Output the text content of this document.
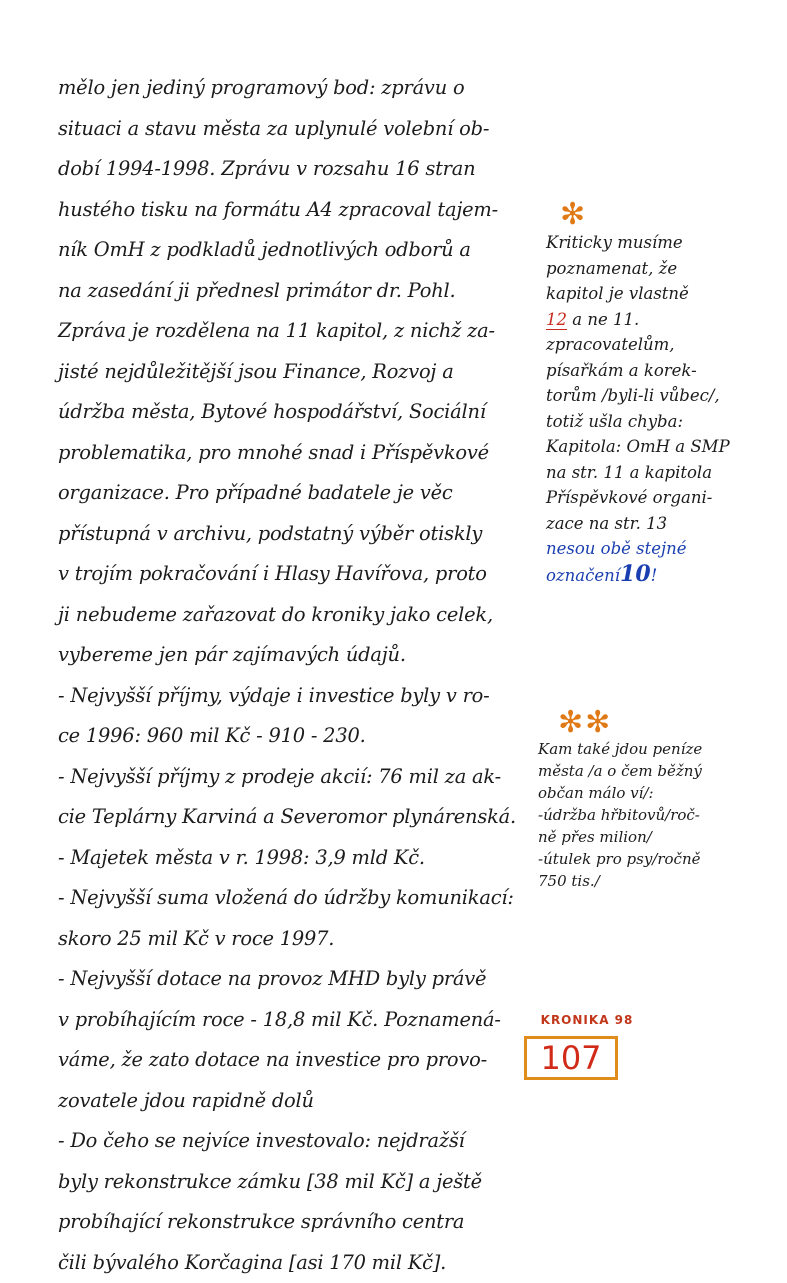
mělo jen jediný programový bod: zprávu o
situaci a stavu města za uplynulé volební ob-
dobí 1994-1998. Zprávu v rozsahu 16 stran
hustého tisku na formátu A4 zpracoval tajem-
ník OmH z podkladů jednotlivých odborů a
na zasedání ji přednesl primátor dr. Pohl.
Zpráva je rozdělena na 11 kapitol, z nichž za-
jisté nejdůležitější jsou Finance, Rozvoj a
údržba města, Bytové hospodářství, Sociální
problematika, pro mnohé snad i Příspěvkové
organizace. Pro případné badatele je věc
přístupná v archivu, podstatný výběr otiskly
v trojím pokračování i Hlasy Havířova, proto
ji nebudeme zařazovat do kroniky jako celek,
vybereme jen pár zajímavých údajů.
- Nejvyšší příjmy, výdaje i investice byly v ro-
ce 1996: 960 mil Kč - 910 - 230.
- Nejvyšší příjmy z prodeje akcií: 76 mil za ak-
cie Teplárny Karviná a Severomor plynárenská.
- Majetek města v r. 1998: 3,9 mld Kč.
- Nejvyšší suma vložená do údržby komunikací:
skoro 25 mil Kč v roce 1997.
- Nejvyšší dotace na provoz MHD byly právě
v probíhajícím roce - 18,8 mil Kč. Poznamená-
váme, že zato dotace na investice pro provo-
zovatele jdou rapidně dolů
- Do čeho se nejvíce investovalo: nejdražší
byly rekonstrukce zámku [38 mil Kč] a ještě
probíhající rekonstrukce správního centra
čili bývalého Korčagina [asi 170 mil Kč].
✻
Kriticky musíme
poznamenat, že
kapitol je vlastně
12 a ne 11.
zpracovatelům,
písařkám a korek-
torům /byli-li vůbec/,
totiž ušla chyba:
Kapitola: OmH a SMP
na str. 11 a kapitola
Příspěvkové organi-
zace na str. 13
nesou obě stejné
označení10!
✻✻
Kam také jdou peníze
města /a o čem běžný
občan málo ví/:
-údržba hřbitovů/roč-
ně přes milion/
-útulek pro psy/ročně
750 tis./
KRONIKA 98
107
